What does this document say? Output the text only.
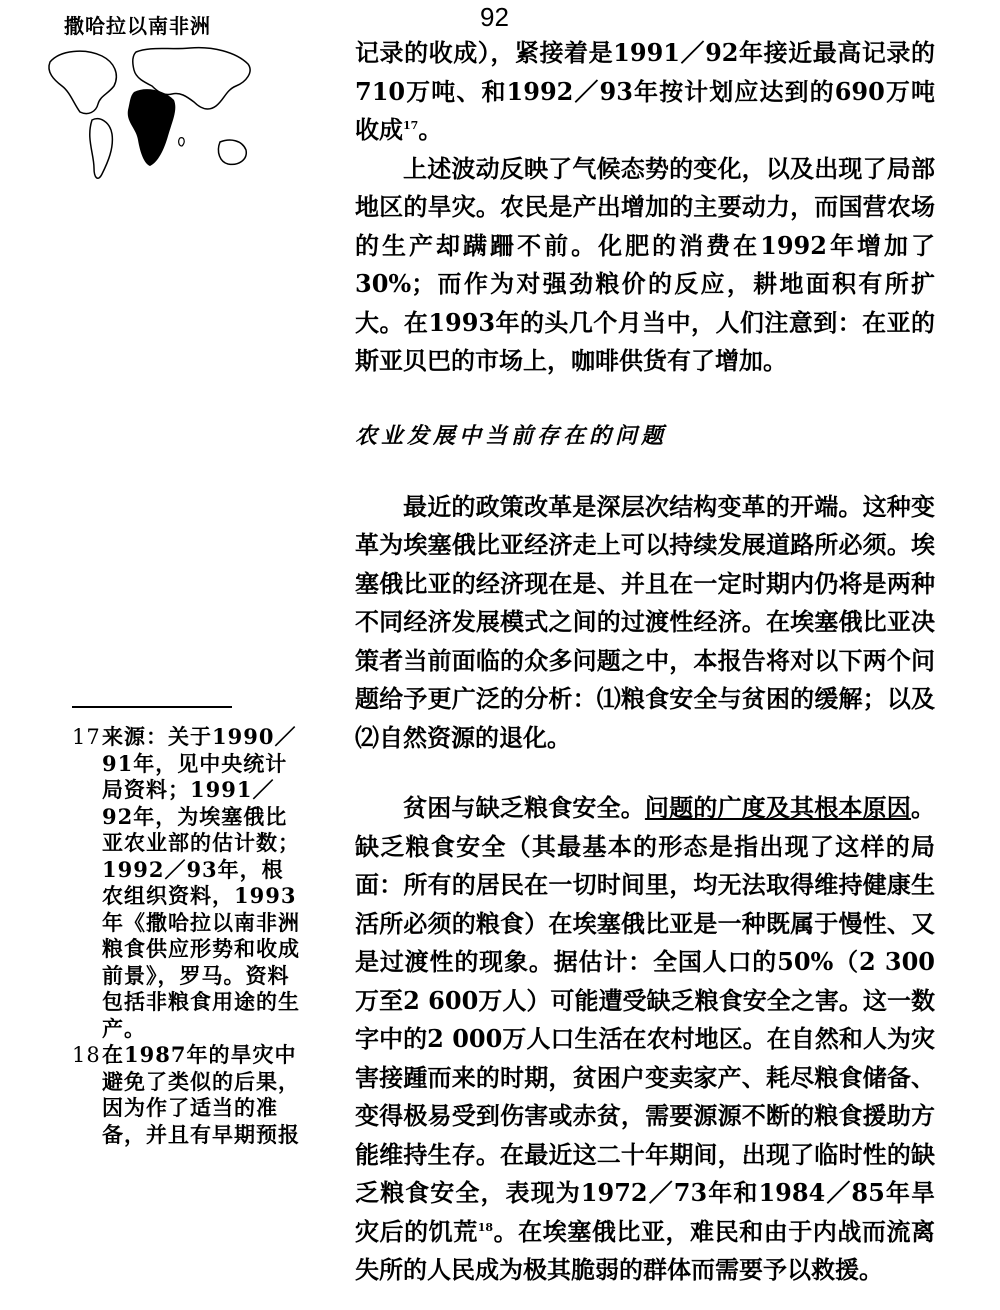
92
撒哈拉以南非洲

记录的收成），紧接着是1991／92年接近最高记录的710万吨、和1992／93年按计划应达到的690万吨收成$^{17}$。

上述波动反映了气候态势的变化，以及出现了局部地区的旱灾。农民是产出增加的主要动力，而国营农场的生产却蹒跚不前。化肥的消费在1992年增加了30%；而作为对强劲粮价的反应，耕地面积有所扩大。在1993年的头几个月当中，人们注意到：在亚的斯亚贝巴的市场上，咖啡供货有了增加。

农业发展中当前存在的问题

最近的政策改革是深层次结构变革的开端。这种变革为埃塞俄比亚经济走上可以持续发展道路所必须。埃塞俄比亚的经济现在是、并且在一定时期内仍将是两种不同经济发展模式之间的过渡性经济。在埃塞俄比亚决策者当前面临的众多问题之中，本报告将对以下两个问题给予更广泛的分析：⑴粮食安全与贫困的缓解；以及⑵自然资源的退化。

贫困与缺乏粮食安全。问题的广度及其根本原因。缺乏粮食安全（其最基本的形态是指出现了这样的局面：所有的居民在一切时间里，均无法取得维持健康生活所必须的粮食）在埃塞俄比亚是一种既属于慢性、又是过渡性的现象。据估计：全国人口的50%（2 300万至2 600万人）可能遭受缺乏粮食安全之害。这一数字中的2 000万人口生活在农村地区。在自然和人为灾害接踵而来的时期，贫困户变卖家产、耗尽粮食储备、变得极易受到伤害或赤贫，需要源源不断的粮食援助方能维持生存。在最近这二十年期间，出现了临时性的缺乏粮食安全，表现为1972／73年和1984／85年旱灾后的饥荒$^{18}$。在埃塞俄比亚，难民和由于内战而流离失所的人民成为极其脆弱的群体而需要予以救援。

17 来源：关于1990／91年，见中央统计局资料；1991／92年，为埃塞俄比亚农业部的估计数；1992／93年，根农组织资料，1993年《撒哈拉以南非洲粮食供应形势和收成前景》，罗马。资料包括非粮食用途的生产。

18 在1987年的旱灾中避免了类似的后果，因为作了适当的准备，并且有早期预报
